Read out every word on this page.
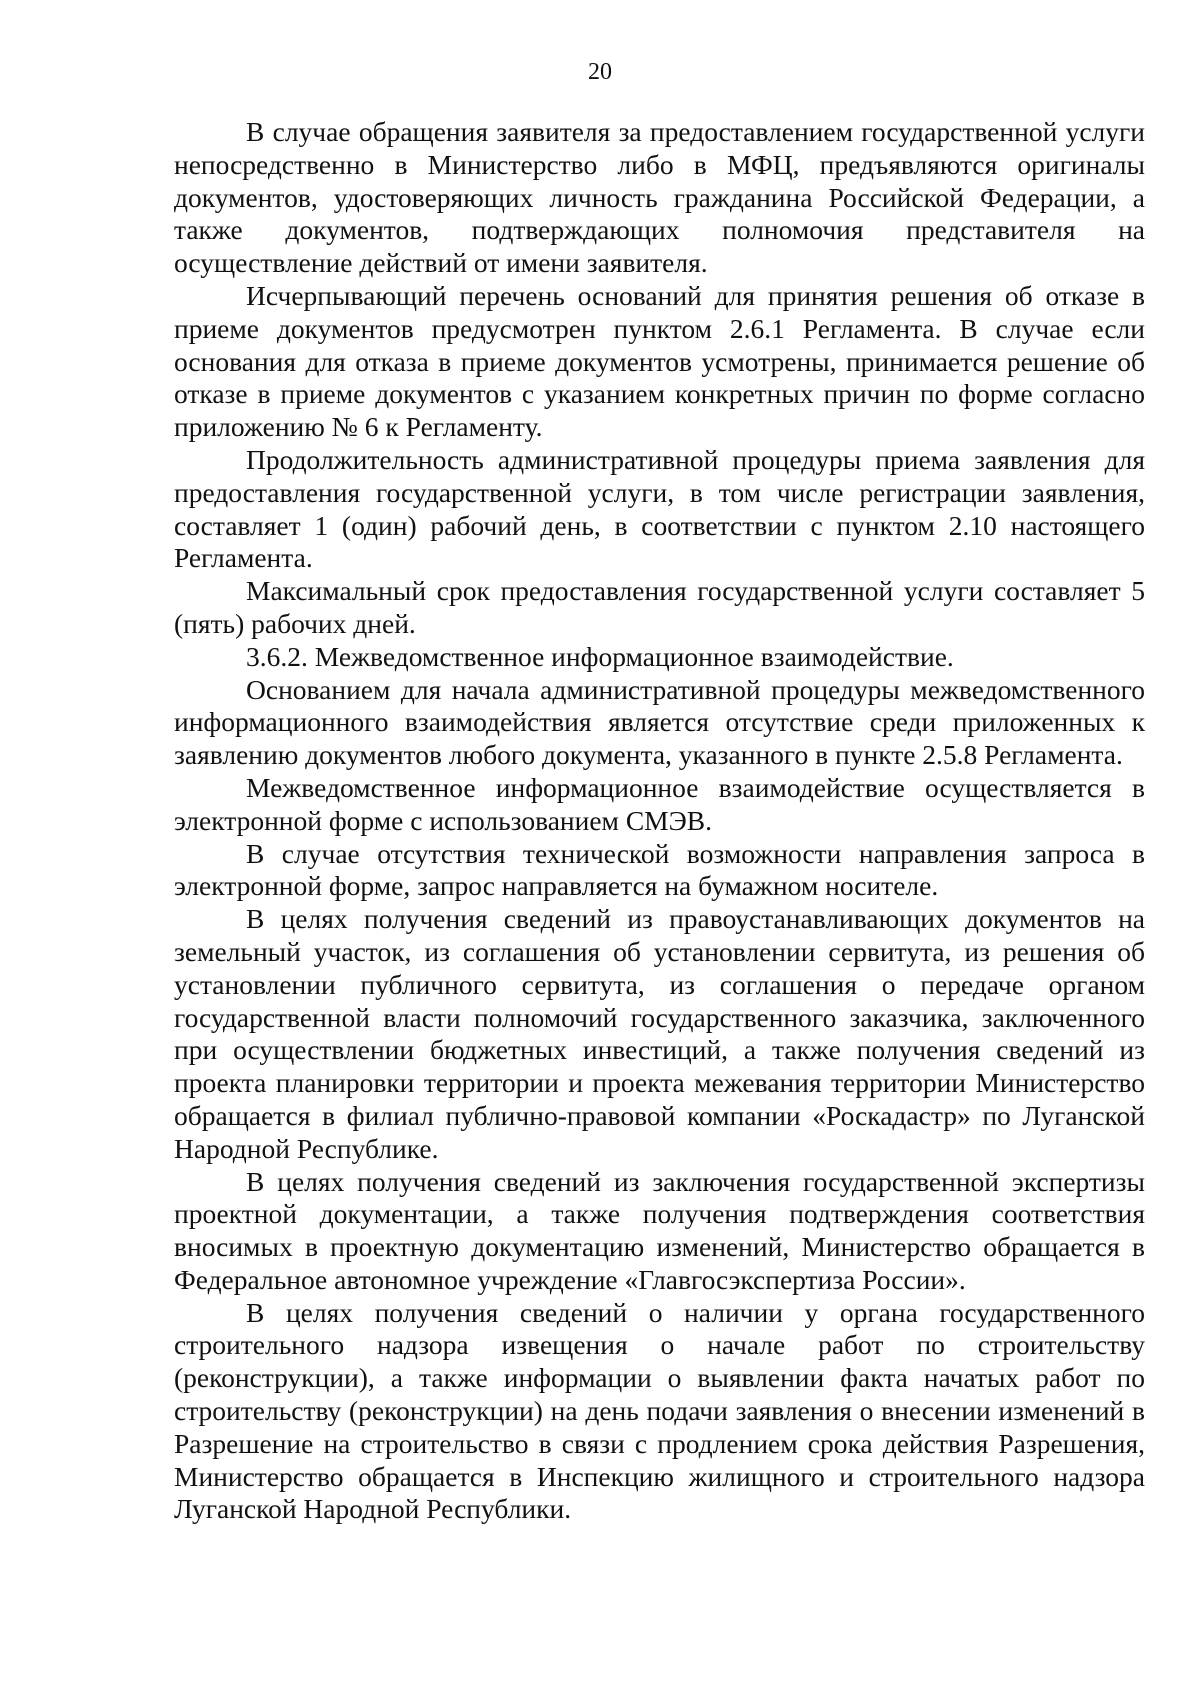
20

В случае обращения заявителя за предоставлением государственной услуги непосредственно в Министерство либо в МФЦ, предъявляются оригиналы документов, удостоверяющих личность гражданина Российской Федерации, а также документов, подтверждающих полномочия представителя на осуществление действий от имени заявителя.

Исчерпывающий перечень оснований для принятия решения об отказе в приеме документов предусмотрен пунктом 2.6.1 Регламента. В случае если основания для отказа в приеме документов усмотрены, принимается решение об отказе в приеме документов с указанием конкретных причин по форме согласно приложению № 6 к Регламенту.

Продолжительность административной процедуры приема заявления для предоставления государственной услуги, в том числе регистрации заявления, составляет 1 (один) рабочий день, в соответствии с пунктом 2.10 настоящего Регламента.

Максимальный срок предоставления государственной услуги составляет 5 (пять) рабочих дней.

3.6.2. Межведомственное информационное взаимодействие.

Основанием для начала административной процедуры межведомственного информационного взаимодействия является отсутствие среди приложенных к заявлению документов любого документа, указанного в пункте 2.5.8 Регламента.

Межведомственное информационное взаимодействие осуществляется в электронной форме с использованием СМЭВ.

В случае отсутствия технической возможности направления запроса в электронной форме, запрос направляется на бумажном носителе.

В целях получения сведений из правоустанавливающих документов на земельный участок, из соглашения об установлении сервитута, из решения об установлении публичного сервитута, из соглашения о передаче органом государственной власти полномочий государственного заказчика, заключенного при осуществлении бюджетных инвестиций, а также получения сведений из проекта планировки территории и проекта межевания территории Министерство обращается в филиал публично-правовой компании «Роскадастр» по Луганской Народной Республике.

В целях получения сведений из заключения государственной экспертизы проектной документации, а также получения подтверждения соответствия вносимых в проектную документацию изменений, Министерство обращается в Федеральное автономное учреждение «Главгосэкспертиза России».

В целях получения сведений о наличии у органа государственного строительного надзора извещения о начале работ по строительству (реконструкции), а также информации о выявлении факта начатых работ по строительству (реконструкции) на день подачи заявления о внесении изменений в Разрешение на строительство в связи с продлением срока действия Разрешения, Министерство обращается в Инспекцию жилищного и строительного надзора Луганской Народной Республики.
